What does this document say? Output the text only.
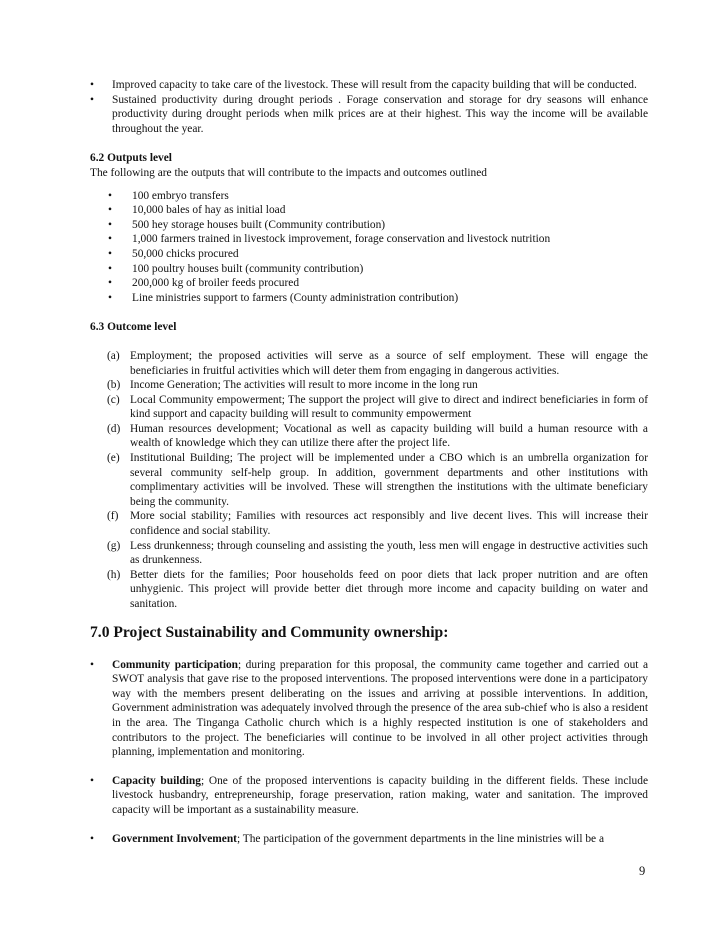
• Improved capacity to take care of the livestock. These will result from the capacity building that will be conducted.
• Sustained productivity during drought periods . Forage conservation and storage for dry seasons will enhance productivity during drought periods when milk prices are at their highest. This way the income will be available throughout the year.
6.2 Outputs level

The following are the outputs that will contribute to the impacts and outcomes outlined

• 100 embryo transfers
• 10,000 bales of hay as initial load
• 500 hey storage houses built (Community contribution)
• 1,000 farmers trained in livestock improvement, forage conservation and livestock nutrition
• 50,000 chicks procured
• 100 poultry houses built (community contribution)
• 200,000 kg of broiler feeds procured
• Line ministries support to farmers (County administration contribution)
6.3 Outcome level
(a) Employment; the proposed activities will serve as a source of self employment. These will engage the beneficiaries in fruitful activities which will deter them from engaging in dangerous activities.
(b) Income Generation; The activities will result to more income in the long run
(c) Local Community empowerment; The support the project will give to direct and indirect beneficiaries in form of kind support and capacity building will result to community empowerment
(d) Human resources development; Vocational as well as capacity building will build a human resource with a wealth of knowledge which they can utilize there after the project life.
(e) Institutional Building; The project will be implemented under a CBO which is an umbrella organization for several community self-help group. In addition, government departments and other institutions with complimentary activities will be involved. These will strengthen the institutions with the ultimate beneficiary being the community.
(f) More social stability; Families with resources act responsibly and live decent lives. This will increase their confidence and social stability.
(g) Less drunkenness; through counseling and assisting the youth, less men will engage in destructive activities such as drunkenness.
(h) Better diets for the families; Poor households feed on poor diets that lack proper nutrition and are often unhygienic. This project will provide better diet through more income and capacity building on water and sanitation.
7.0 Project Sustainability and Community ownership:
• Community participation; during preparation for this proposal, the community came together and carried out a SWOT analysis that gave rise to the proposed interventions. The proposed interventions were done in a participatory way with the members present deliberating on the issues and arriving at possible interventions. In addition, Government administration was adequately involved through the presence of the area sub-chief who is also a resident in the area. The Tinganga Catholic church which is a highly respected institution is one of stakeholders and contributors to the project. The beneficiaries will continue to be involved in all other project activities through planning, implementation and monitoring.
• Capacity building; One of the proposed interventions is capacity building in the different fields. These include livestock husbandry, entrepreneurship, forage preservation, ration making, water and sanitation. The improved capacity will be important as a sustainability measure.
• Government Involvement; The participation of the government departments in the line ministries will be a
9
